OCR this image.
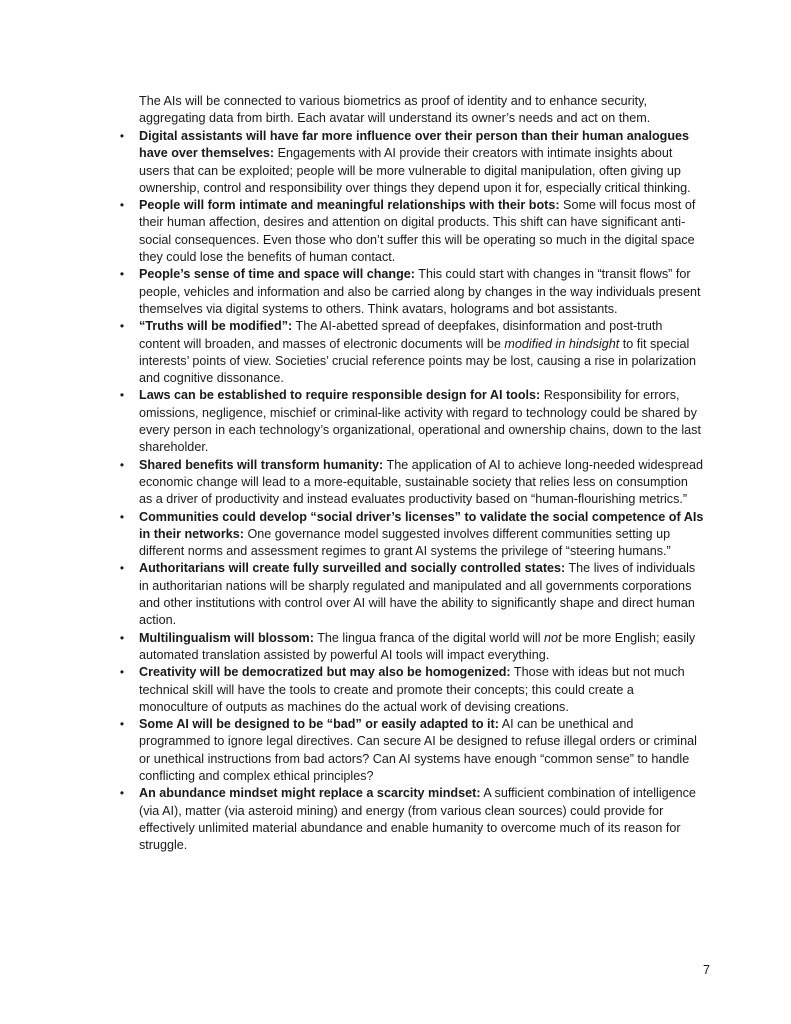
The AIs will be connected to various biometrics as proof of identity and to enhance security, aggregating data from birth. Each avatar will understand its owner’s needs and act on them.

• Digital assistants will have far more influence over their person than their human analogues have over themselves: Engagements with AI provide their creators with intimate insights about users that can be exploited; people will be more vulnerable to digital manipulation, often giving up ownership, control and responsibility over things they depend upon it for, especially critical thinking.
• People will form intimate and meaningful relationships with their bots: Some will focus most of their human affection, desires and attention on digital products. This shift can have significant anti-social consequences. Even those who don’t suffer this will be operating so much in the digital space they could lose the benefits of human contact.
• People’s sense of time and space will change: This could start with changes in “transit flows” for people, vehicles and information and also be carried along by changes in the way individuals present themselves via digital systems to others. Think avatars, holograms and bot assistants.
• “Truths will be modified”: The AI-abetted spread of deepfakes, disinformation and post-truth content will broaden, and masses of electronic documents will be modified in hindsight to fit special interests’ points of view. Societies’ crucial reference points may be lost, causing a rise in polarization and cognitive dissonance.
• Laws can be established to require responsible design for AI tools: Responsibility for errors, omissions, negligence, mischief or criminal-like activity with regard to technology could be shared by every person in each technology’s organizational, operational and ownership chains, down to the last shareholder.
• Shared benefits will transform humanity: The application of AI to achieve long-needed widespread economic change will lead to a more-equitable, sustainable society that relies less on consumption as a driver of productivity and instead evaluates productivity based on “human-flourishing metrics.”
• Communities could develop “social driver’s licenses” to validate the social competence of AIs in their networks: One governance model suggested involves different communities setting up different norms and assessment regimes to grant AI systems the privilege of “steering humans.”
• Authoritarians will create fully surveilled and socially controlled states: The lives of individuals in authoritarian nations will be sharply regulated and manipulated and all governments corporations and other institutions with control over AI will have the ability to significantly shape and direct human action.
• Multilingualism will blossom: The lingua franca of the digital world will not be more English; easily automated translation assisted by powerful AI tools will impact everything.
• Creativity will be democratized but may also be homogenized: Those with ideas but not much technical skill will have the tools to create and promote their concepts; this could create a monoculture of outputs as machines do the actual work of devising creations.
• Some AI will be designed to be “bad” or easily adapted to it: AI can be unethical and programmed to ignore legal directives. Can secure AI be designed to refuse illegal orders or criminal or unethical instructions from bad actors? Can AI systems have enough “common sense” to handle conflicting and complex ethical principles?
• An abundance mindset might replace a scarcity mindset: A sufficient combination of intelligence (via AI), matter (via asteroid mining) and energy (from various clean sources) could provide for effectively unlimited material abundance and enable humanity to overcome much of its reason for struggle.
7
